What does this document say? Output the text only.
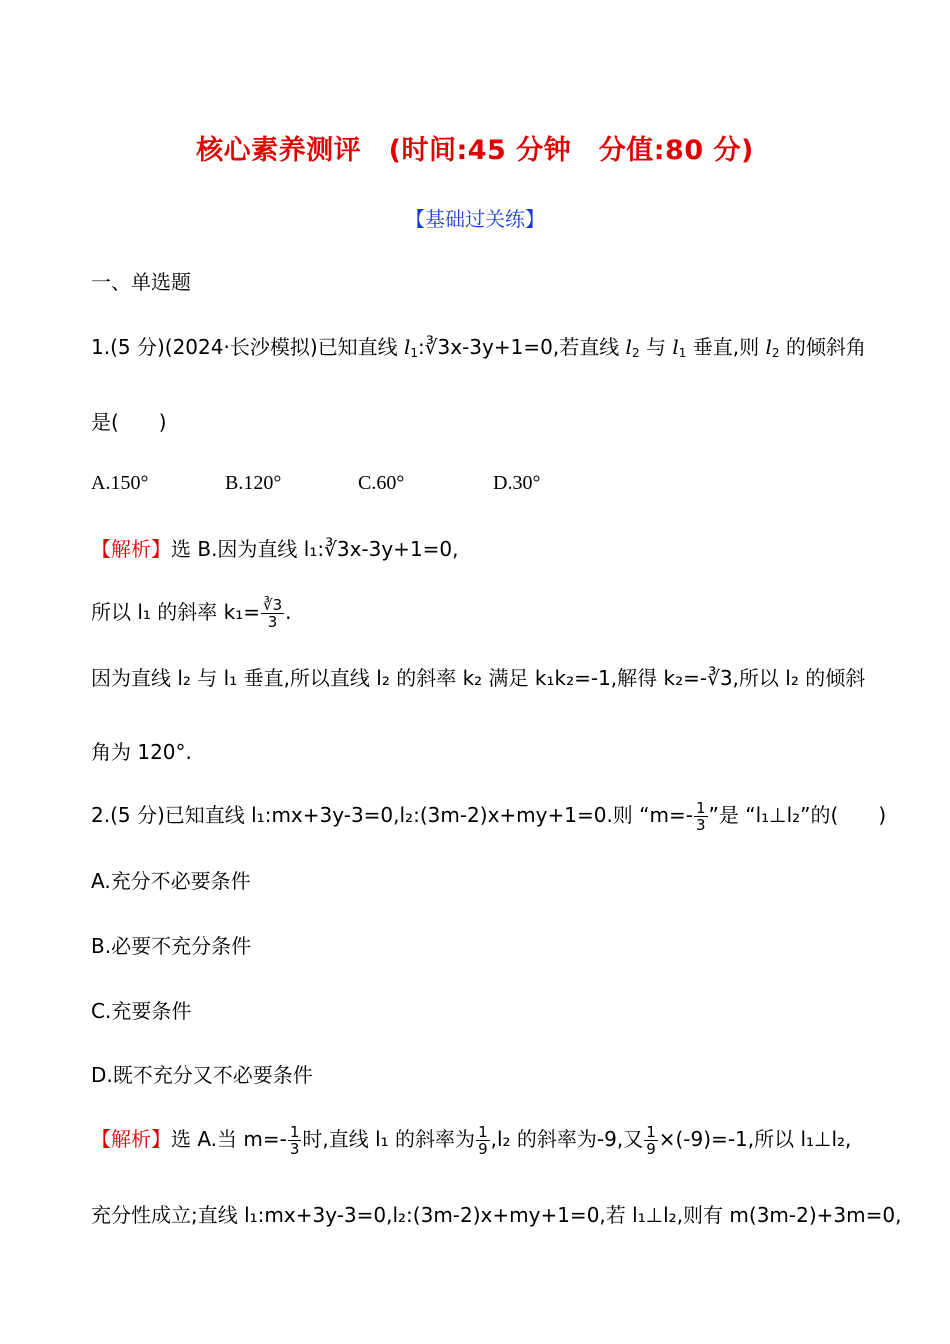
核心素养测评　(时间:45 分钟　分值:80 分)
【基础过关练】
一、单选题
1.(5 分)(2024·长沙模拟)已知直线 $l_1:∛3x-3y+1=0$,若直线 $l_2$ 与 $l_1$ 垂直,则 $l_2$ 的倾斜角
是(　　)
A.150°	B.120°	C.60°	D.30°
【解析】选 B.因为直线 l₁:∛3x-3y+1=0,
所以 l₁ 的斜率 $k_1= \frac{∛3}{3}$ .
因为直线 l₂ 与 l₁ 垂直,所以直线 l₂ 的斜率 k₂ 满足 k₁k₂=-1,解得 k₂=-∛3,所以 l₂ 的倾斜
角为 120°.
2.(5 分)已知直线 l₁:mx+3y-3=0,l₂:(3m-2)x+my+1=0.则 “$m=- \frac{1}{3}$ ”是 “l₁⊥l₂”的(　　)
A.充分不必要条件
B.必要不充分条件
C.充要条件
D.既不充分又不必要条件
【解析】选 A.当 $m=- \frac{1}{3}$ 时,直线 l₁ 的斜率为 $\frac{1}{9} ,l_2$ 的斜率为-9,又 $\frac{1}{9} \times(-9)=-1$,所以 l₁⊥l₂,
充分性成立;直线 l₁:mx+3y-3=0,l₂:(3m-2)x+my+1=0,若 l₁⊥l₂,则有 m(3m-2)+3m=0,
